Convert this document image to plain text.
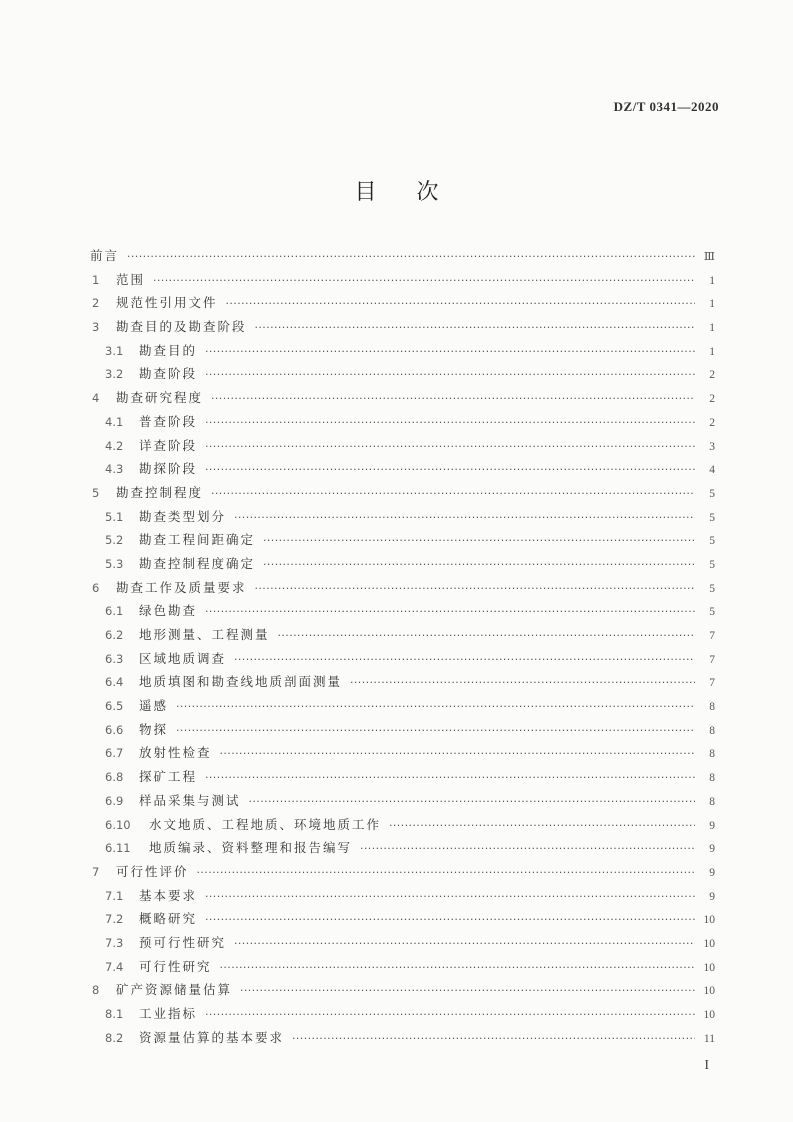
DZ/T 0341—2020
目次
前言 ·····	Ⅲ
1	范围 ·····	1
2	规范性引用文件 ·····	1
3	勘查目的及勘查阶段 ·····	1
3.1	勘查目的 ·····	1
3.2	勘查阶段 ·····	2
4	勘查研究程度 ·····	2
4.1	普查阶段 ·····	2
4.2	详查阶段 ·····	3
4.3	勘探阶段 ·····	4
5	勘查控制程度 ·····	5
5.1	勘查类型划分 ·····	5
5.2	勘查工程间距确定 ·····	5
5.3	勘查控制程度确定 ·····	5
6	勘查工作及质量要求 ·····	5
6.1	绿色勘查 ·····	5
6.2	地形测量、工程测量 ·····	7
6.3	区域地质调查 ·····	7
6.4	地质填图和勘查线地质剖面测量 ·····	7
6.5	遥感 ·····	8
6.6	物探 ·····	8
6.7	放射性检查 ·····	8
6.8	探矿工程 ·····	8
6.9	样品采集与测试 ·····	8
6.10	水文地质、工程地质、环境地质工作 ·····	9
6.11	地质编录、资料整理和报告编写 ·····	9
7	可行性评价 ·····	9
7.1	基本要求 ·····	9
7.2	概略研究 ·····	10
7.3	预可行性研究 ·····	10
7.4	可行性研究 ·····	10
8	矿产资源储量估算 ·····	10
8.1	工业指标 ·····	10
8.2	资源量估算的基本要求 ·····	11
I
